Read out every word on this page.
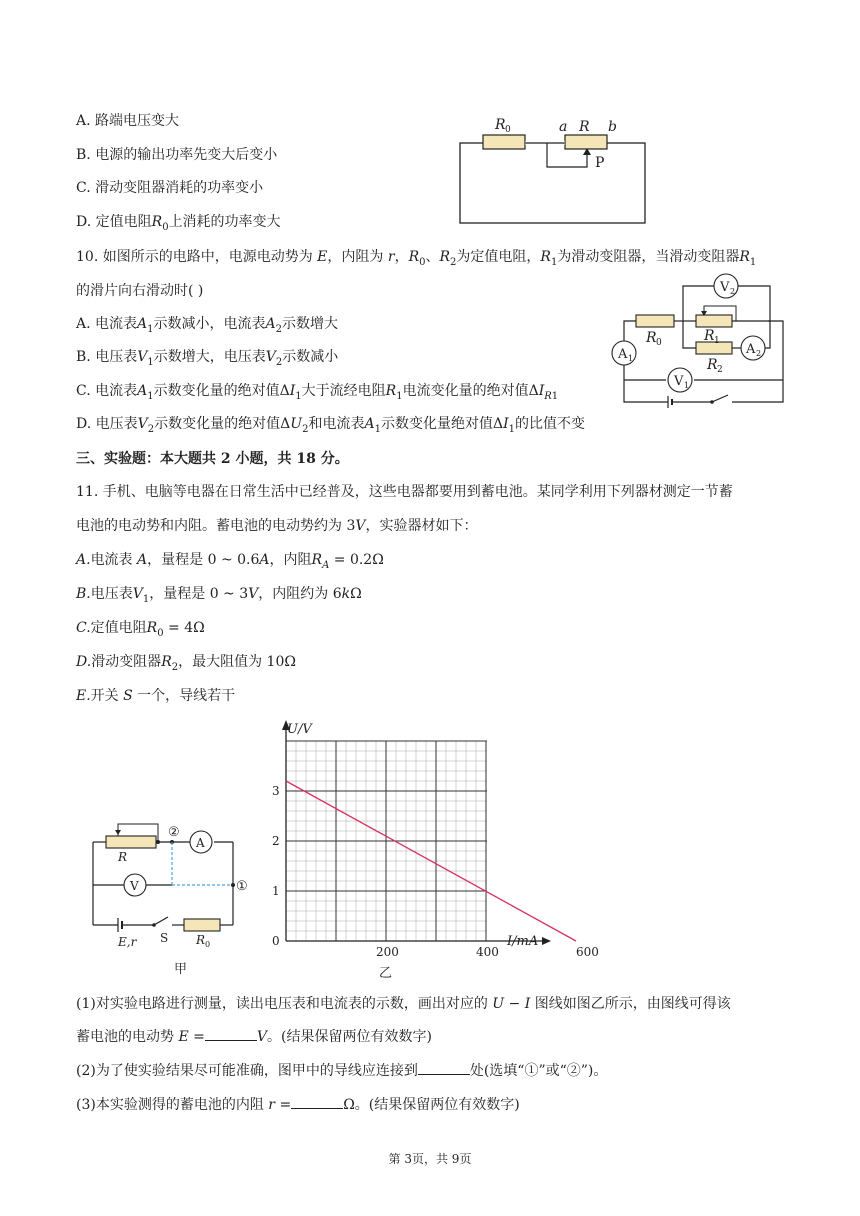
A. 路端电压变大
B. 电源的输出功率先变大后变小
C. 滑动变阻器消耗的功率变小
D. 定值电阻$R_0$上消耗的功率变大
R 0	a R b
P
10. 如图所示的电路中，电源电动势为 E，内阻为 r，$R_0$、$R_2$为定值电阻，$R_1$为滑动变阻器，当滑动变阻器$R_1$
的滑片向右滑动时( )
A. 电流表$A_1$示数减小，电流表$A_2$示数增大
B. 电压表$V_1$示数增大，电压表$V_2$示数减小
C. 电流表$A_1$示数变化量的绝对值$\Delta I_1$大于流经电阻$R_1$电流变化量的绝对值$\Delta I_{R1}$
D. 电压表$V_2$示数变化量的绝对值$\Delta U_2$和电流表$A_1$示数变化量绝对值$\Delta I_1$的比值不变
V 2
A 1
A 2
V 1
R 0	R 1
R 2
三、实验题：本大题共 2 小题，共 18 分。
11. 手机、电脑等电器在日常生活中已经普及，这些电器都要用到蓄电池。某同学利用下列器材测定一节蓄
电池的电动势和内阻。蓄电池的电动势约为 3V，实验器材如下：
A.电流表 A，量程是 0 ~ 0.6A，内阻$R_A = 0.2\Omega$
B.电压表$V_1$，量程是 0 ~ 3V，内阻约为 6kΩ
C.定值电阻$R_0 = 4\Omega$
D.滑动变阻器$R_2$，最大阻值为 10Ω
E.开关 S 一个，导线若干
A
V
R
②
①
E,r S R 0
甲
U/V
I/mA
200	400	600
0
1
2
3
乙
(1)对实验电路进行测量，读出电压表和电流表的示数，画出对应的 U − I 图线如图乙所示，由图线可得该
蓄电池的电动势 E =	V。(结果保留两位有效数字)
(2)为了使实验结果尽可能准确，图甲中的导线应连接到	处(选填“①”或“②”)。
(3)本实验测得的蓄电池的内阻 r =	Ω。(结果保留两位有效数字)
第 3页，共 9页
